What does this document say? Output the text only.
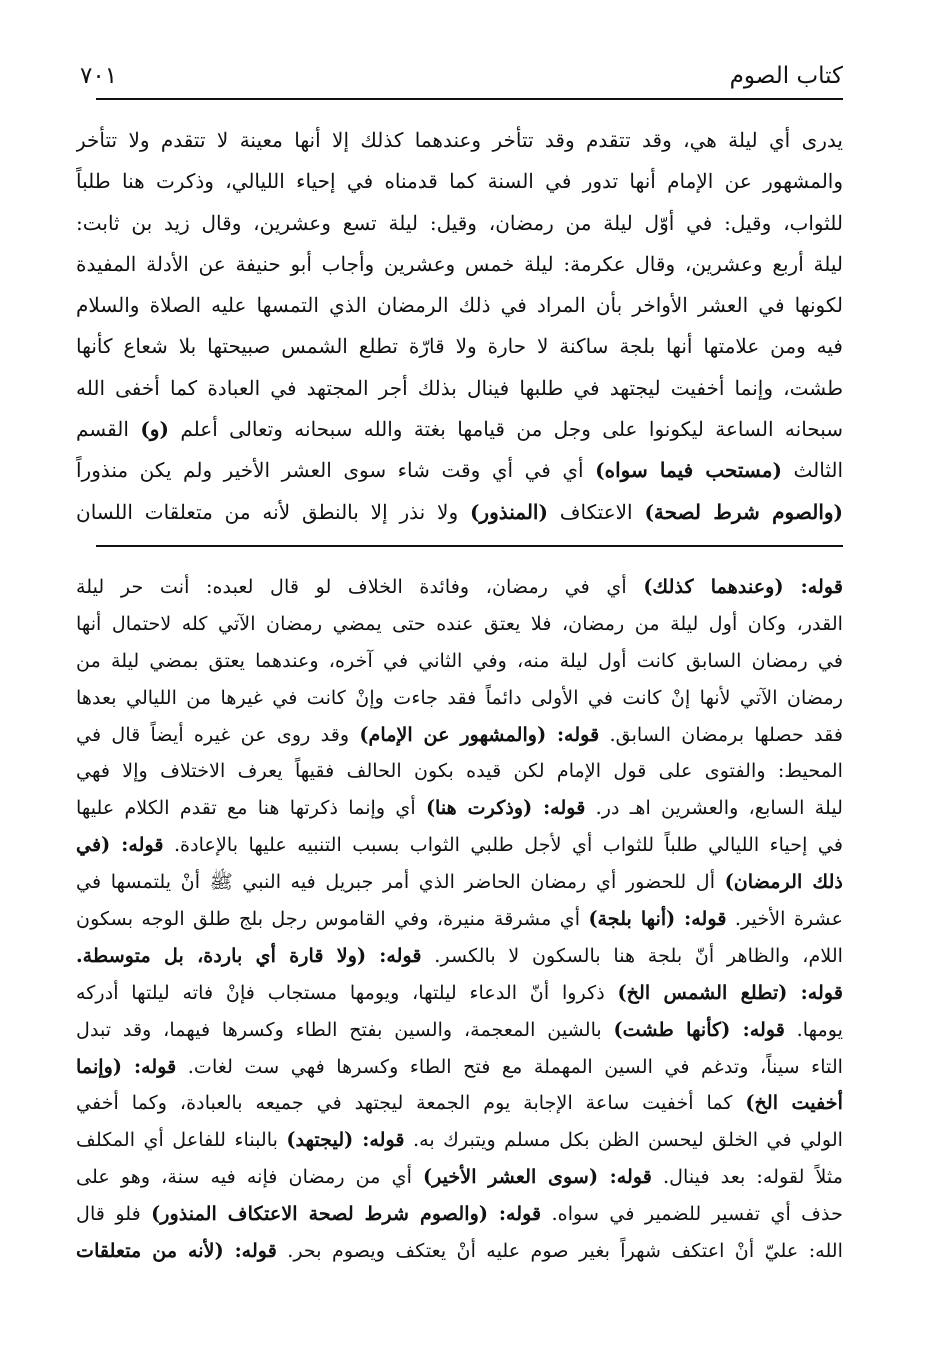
كتاب الصوم
٧٠١
يدرى أي ليلة هي، وقد تتقدم وقد تتأخر وعندهما كذلك إلا أنها معينة لا تتقدم ولا تتأخر
والمشهور عن الإمام أنها تدور في السنة كما قدمناه في إحياء الليالي، وذكرت هنا طلباً
للثواب، وقيل: في أوّل ليلة من رمضان، وقيل: ليلة تسع وعشرين، وقال زيد بن ثابت:
ليلة أربع وعشرين، وقال عكرمة: ليلة خمس وعشرين وأجاب أبو حنيفة عن الأدلة المفيدة
لكونها في العشر الأواخر بأن المراد في ذلك الرمضان الذي التمسها عليه الصلاة والسلام
فيه ومن علامتها أنها بلجة ساكنة لا حارة ولا قارّة تطلع الشمس صبيحتها بلا شعاع كأنها
طشت، وإنما أخفيت ليجتهد في طلبها فينال بذلك أجر المجتهد في العبادة كما أخفى الله
سبحانه الساعة ليكونوا على وجل من قيامها بغتة والله سبحانه وتعالى أعلم (و) القسم
الثالث (مستحب فيما سواه) أي في أي وقت شاء سوى العشر الأخير ولم يكن منذوراً
(والصوم شرط لصحة) الاعتكاف (المنذور) ولا نذر إلا بالنطق لأنه من متعلقات اللسان
قوله: (وعندهما كذلك) أي في رمضان، وفائدة الخلاف لو قال لعبده: أنت حر ليلة
القدر، وكان أول ليلة من رمضان، فلا يعتق عنده حتى يمضي رمضان الآتي كله لاحتمال أنها
في رمضان السابق كانت أول ليلة منه، وفي الثاني في آخره، وعندهما يعتق بمضي ليلة من
رمضان الآتي لأنها إنْ كانت في الأولى دائماً فقد جاءت وإنْ كانت في غيرها من الليالي بعدها
فقد حصلها برمضان السابق. قوله: (والمشهور عن الإمام) وقد روى عن غيره أيضاً قال في
المحيط: والفتوى على قول الإمام لكن قيده بكون الحالف فقيهاً يعرف الاختلاف وإلا فهي
ليلة السابع، والعشرين اهـ در. قوله: (وذكرت هنا) أي وإنما ذكرتها هنا مع تقدم الكلام عليها
في إحياء الليالي طلباً للثواب أي لأجل طلبي الثواب بسبب التنبيه عليها بالإعادة. قوله: (في
ذلك الرمضان) أل للحضور أي رمضان الحاضر الذي أمر جبريل فيه النبي ﷺ أنْ يلتمسها في
عشرة الأخير. قوله: (أنها بلجة) أي مشرقة منيرة، وفي القاموس رجل بلج طلق الوجه بسكون
اللام، والظاهر أنّ بلجة هنا بالسكون لا بالكسر. قوله: (ولا قارة أي باردة، بل متوسطة.
قوله: (تطلع الشمس الخ) ذكروا أنّ الدعاء ليلتها، ويومها مستجاب فإنْ فاته ليلتها أدركه
يومها. قوله: (كأنها طشت) بالشين المعجمة، والسين بفتح الطاء وكسرها فيهما، وقد تبدل
التاء سيناً، وتدغم في السين المهملة مع فتح الطاء وكسرها فهي ست لغات. قوله: (وإنما
أخفيت الخ) كما أخفيت ساعة الإجابة يوم الجمعة ليجتهد في جميعه بالعبادة، وكما أخفي
الولي في الخلق ليحسن الظن بكل مسلم ويتبرك به. قوله: (ليجتهد) بالبناء للفاعل أي المكلف
مثلاً لقوله: بعد فينال. قوله: (سوى العشر الأخير) أي من رمضان فإنه فيه سنة، وهو على
حذف أي تفسير للضمير في سواه. قوله: (والصوم شرط لصحة الاعتكاف المنذور) فلو قال
الله: عليّ أنْ اعتكف شهراً بغير صوم عليه أنْ يعتكف ويصوم بحر. قوله: (لأنه من متعلقات
